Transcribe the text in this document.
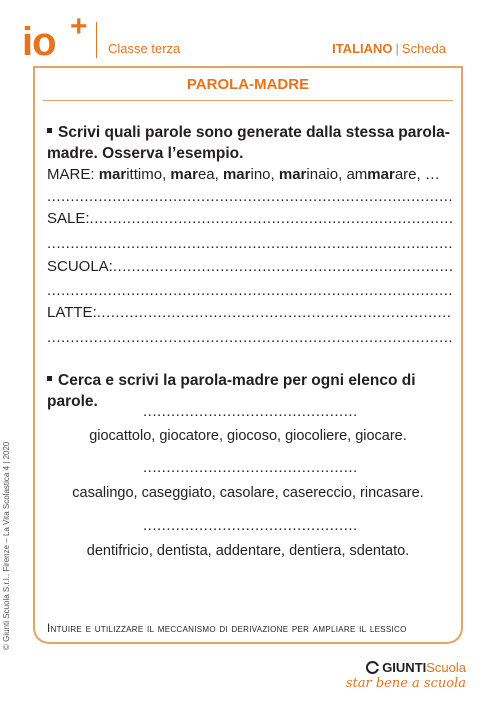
io +
Classe terza	ITALIANO | Scheda
PAROLA-MADRE
Scrivi quali parole sono generate dalla stessa parola-madre. Osserva l’esempio.
MARE: marittimo, marea, marino, marinaio, ammarare, …
.....
SALE: .....
.....
SCUOLA: .....
.....
LATTE: .....
.....
Cerca e scrivi la parola-madre per ogni elenco di parole.
.....
giocattolo, giocatore, giocoso, giocoliere, giocare.
.....
casalingo, caseggiato, casolare, casereccio, rincasare.
.....
dentifricio, dentista, addentare, dentiera, sdentato.
Intuire e utilizzare il meccanismo di derivazione per ampliare il lessico
© Giunti Scuola S.r.l., Firenze – La Vita Scolastica 4 | 2020
GIUNTI Scuola
star bene a scuola
